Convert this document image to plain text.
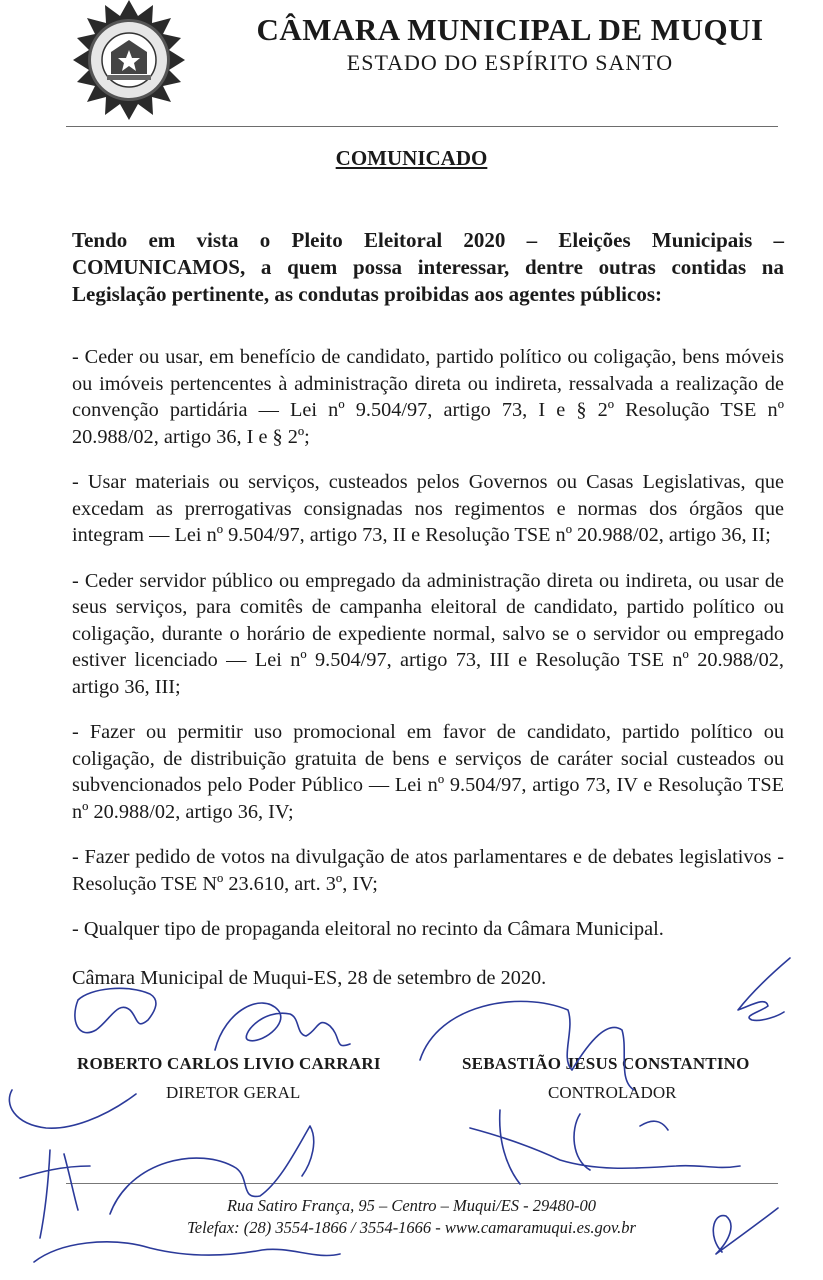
CÂMARA MUNICIPAL DE MUQUI
ESTADO DO ESPÍRITO SANTO
COMUNICADO
Tendo em vista o Pleito Eleitoral 2020 – Eleições Municipais – COMUNICAMOS, a quem possa interessar, dentre outras contidas na Legislação pertinente, as condutas proibidas aos agentes públicos:

- Ceder ou usar, em benefício de candidato, partido político ou coligação, bens móveis ou imóveis pertencentes à administração direta ou indireta, ressalvada a realização de convenção partidária — Lei nº 9.504/97, artigo 73, I e § 2º Resolução TSE nº 20.988/02, artigo 36, I e § 2º;

- Usar materiais ou serviços, custeados pelos Governos ou Casas Legislativas, que excedam as prerrogativas consignadas nos regimentos e normas dos órgãos que integram — Lei nº 9.504/97, artigo 73, II e Resolução TSE nº 20.988/02, artigo 36, II;

- Ceder servidor público ou empregado da administração direta ou indireta, ou usar de seus serviços, para comitês de campanha eleitoral de candidato, partido político ou coligação, durante o horário de expediente normal, salvo se o servidor ou empregado estiver licenciado — Lei nº 9.504/97, artigo 73, III e Resolução TSE nº 20.988/02, artigo 36, III;

- Fazer ou permitir uso promocional em favor de candidato, partido político ou coligação, de distribuição gratuita de bens e serviços de caráter social custeados ou subvencionados pelo Poder Público — Lei nº 9.504/97, artigo 73, IV e Resolução TSE nº 20.988/02, artigo 36, IV;

- Fazer pedido de votos na divulgação de atos parlamentares e de debates legislativos - Resolução TSE Nº 23.610, art. 3º, IV;

- Qualquer tipo de propaganda eleitoral no recinto da Câmara Municipal.

Câmara Municipal de Muqui-ES, 28 de setembro de 2020.
ROBERTO CARLOS LIVIO CARRARI
DIRETOR GERAL
SEBASTIÃO JESUS CONSTANTINO
CONTROLADOR
Rua Satiro França, 95 – Centro – Muqui/ES - 29480-00
Telefax: (28) 3554-1866 / 3554-1666 - www.camaramuqui.es.gov.br
